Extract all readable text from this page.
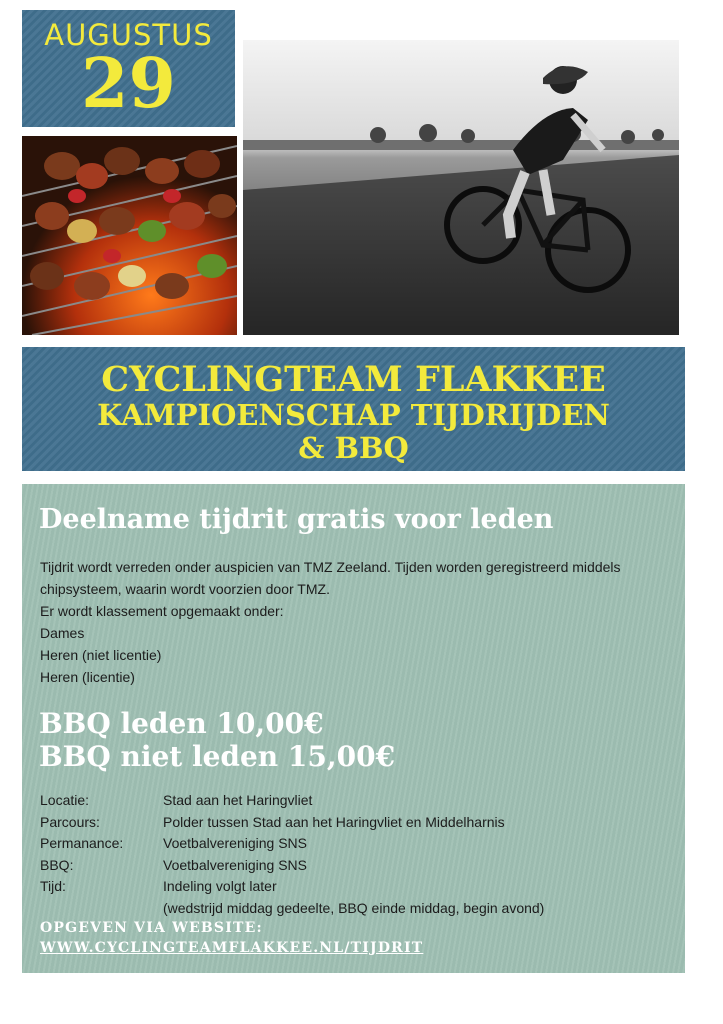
AUGUSTUS
29
CYCLINGTEAM FLAKKEE
KAMPIOENSCHAP TIJDRIJDEN
& BBQ
Deelname tijdrit gratis voor leden

Tijdrit wordt verreden onder auspicien van TMZ Zeeland. Tijden worden geregistreerd middels chipsysteem, waarin wordt voorzien door TMZ.

Er wordt klassement opgemaakt onder:

Dames

Heren (niet licentie)

Heren (licentie)

BBQ leden 10,00€
BBQ niet leden 15,00€
Locatie:	Stad aan het Haringvliet
Parcours:	Polder tussen Stad aan het Haringvliet en Middelharnis
Permanance:	Voetbalvereniging SNS
BBQ:	Voetbalvereniging SNS
Tijd:	Indeling volgt later
(wedstrijd middag gedeelte, BBQ einde middag, begin avond)
OPGEVEN VIA WEBSITE:
WWW.CYCLINGTEAMFLAKKEE.NL/TIJDRIT
